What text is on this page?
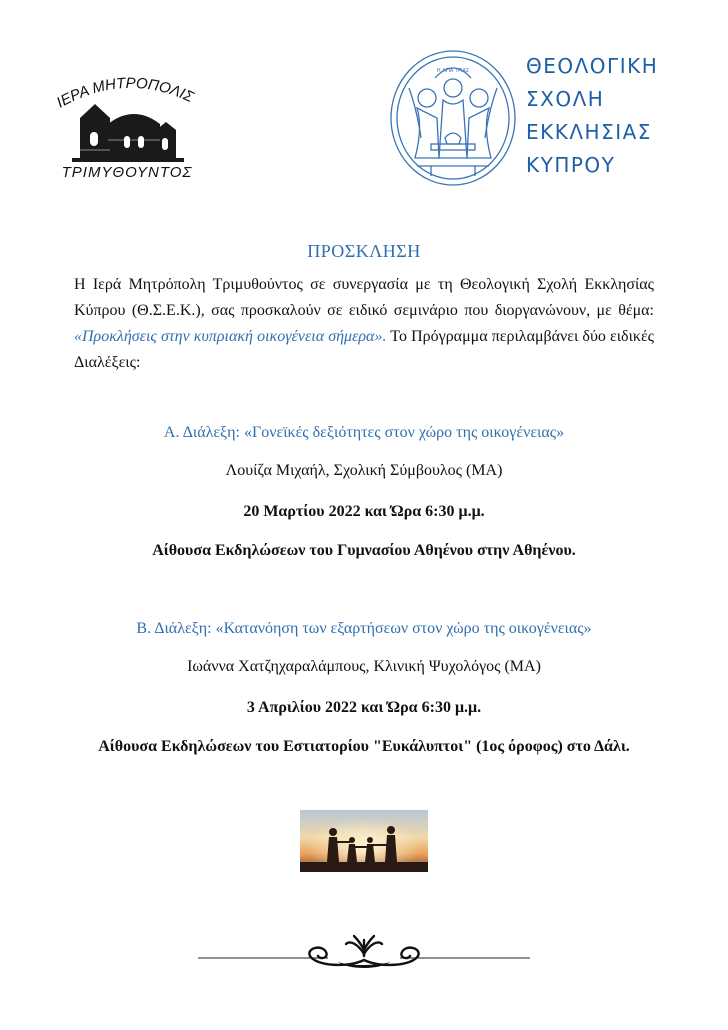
ΙΕΡΑ ΜΗΤΡΟΠΟΛΙΣ
ΤΡΙΜΥΘΟΥΝΤΟΣ
Η ΑΓΙΑ ΤΡΙΑΣ	ΘΕΟΛΟΓΙΚΗ
ΣΧΟΛΗ
ΕΚΚΛΗΣΙΑΣ
ΚΥΠΡΟΥ
ΠΡΟΣΚΛΗΣΗ
Η Ιερά Μητρόπολη Τριμυθούντος σε συνεργασία με τη Θεολογική Σχολή Εκκλησίας Κύπρου (Θ.Σ.Ε.Κ.), σας προσκαλούν σε ειδικό σεμινάριο που διοργανώνουν, με θέμα: «Προκλήσεις στην κυπριακή οικογένεια σήμερα». Το Πρόγραμμα περιλαμβάνει δύο ειδικές Διαλέξεις:
Α. Διάλεξη: «Γονεϊκές δεξιότητες στον χώρο της οικογένειας»
Λουίζα Μιχαήλ, Σχολική Σύμβουλος (ΜΑ)
20 Μαρτίου 2022 και Ώρα 6:30 μ.μ.
Αίθουσα Εκδηλώσεων του Γυμνασίου Αθηένου στην Αθηένου.
Β. Διάλεξη: «Κατανόηση των εξαρτήσεων στον χώρο της οικογένειας»
Ιωάννα Χατζηχαραλάμπους, Κλινική Ψυχολόγος (ΜΑ)
3 Απριλίου 2022 και Ώρα 6:30 μ.μ.
Αίθουσα Εκδηλώσεων του Εστιατορίου "Ευκάλυπτοι" (1ος όροφος) στο Δάλι.
